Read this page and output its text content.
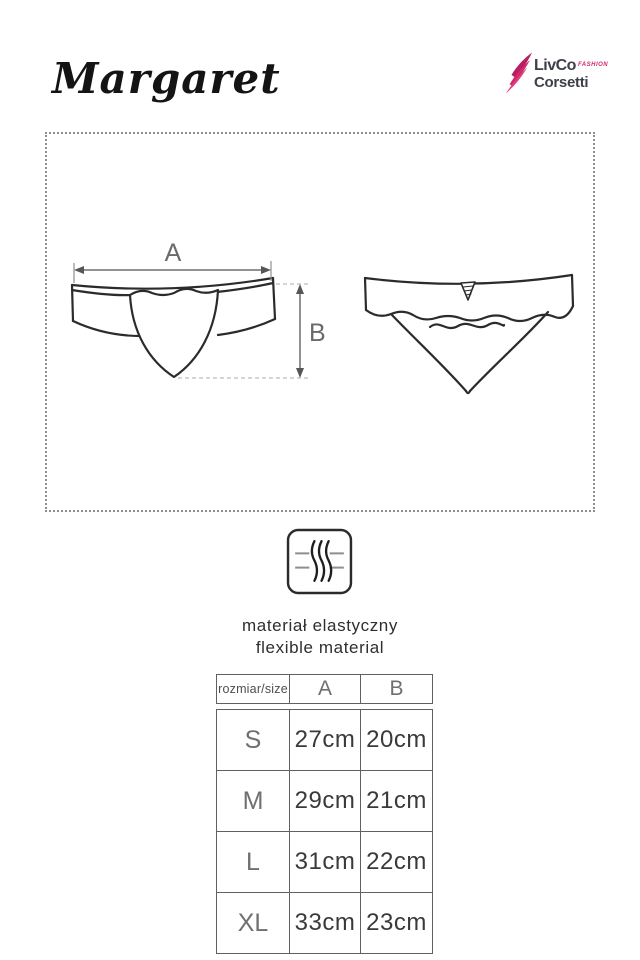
Margaret	LivCo FASHION
Corsetti
A
B
materiał elastyczny
flexible material
rozmiar/size	A	B
S	27cm	20cm
M	29cm	21cm
L	31cm	22cm
XL	33cm	23cm
